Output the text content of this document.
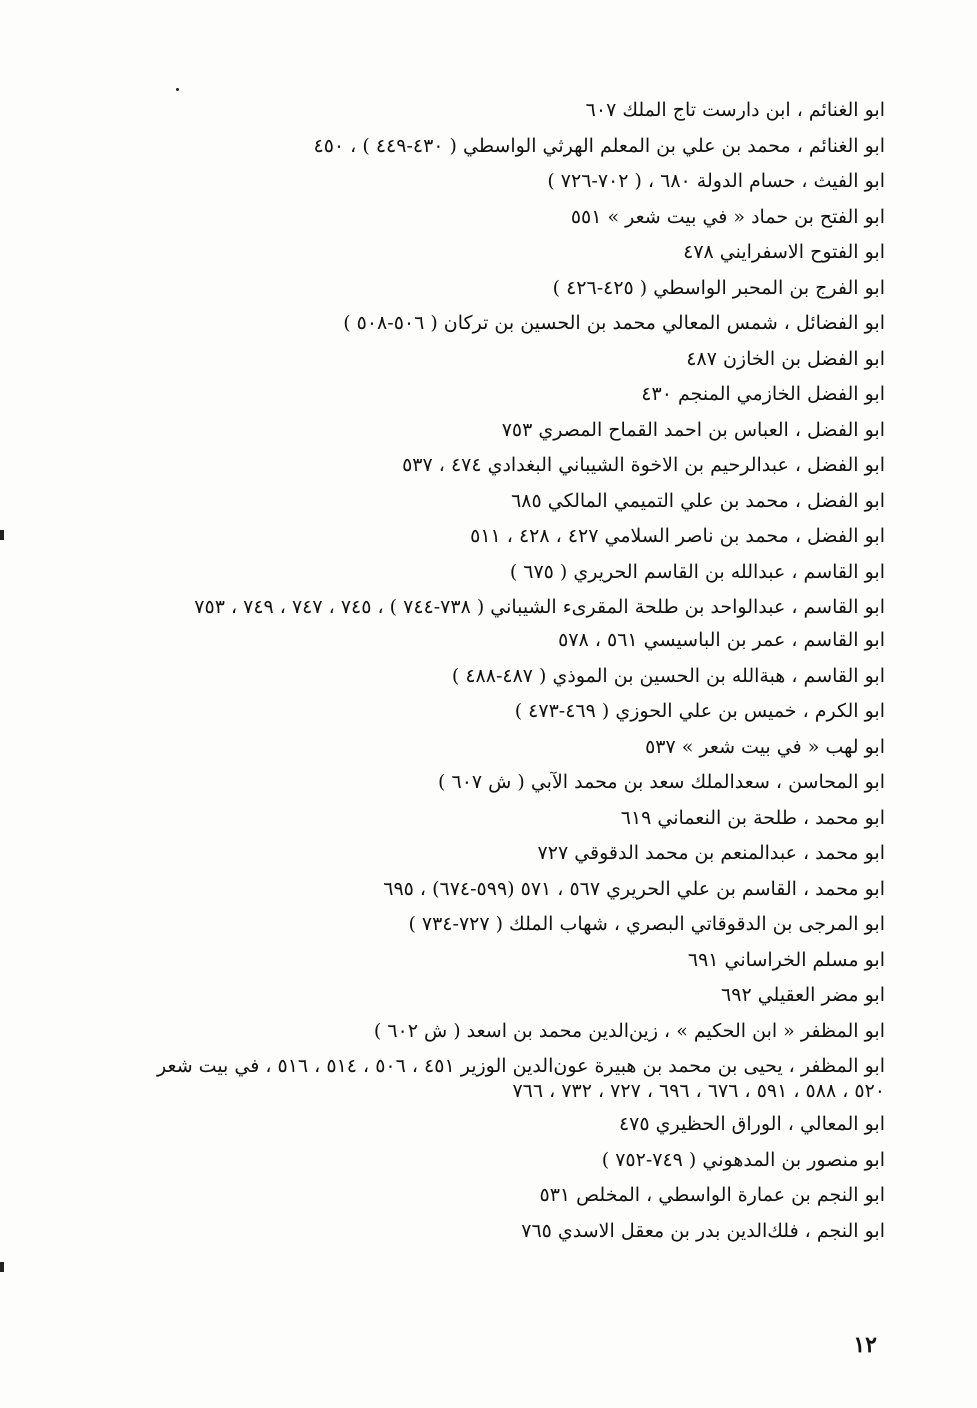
ابو الغنائم ، ابن دارست تاج الملك ٦٠٧
ابو الغنائم ، محمد بن علي بن المعلم الهرثي الواسطي ( ٤٣٠-٤٤٩ ) ، ٤٥٠
ابو الفيث ، حسام الدولة ٦٨٠ ، ( ٧٠٢-٧٢٦ )
ابو الفتح بن حماد « في بيت شعر » ٥٥١
ابو الفتوح الاسفرايني ٤٧٨
ابو الفرج بن المحبر الواسطي ( ٤٢٥-٤٢٦ )
ابو الفضائل ، شمس المعالي محمد بن الحسين بن تركان ( ٥٠٦-٥٠٨ )
ابو الفضل بن الخازن ٤٨٧
ابو الفضل الخازمي المنجم ٤٣٠
ابو الفضل ، العباس بن احمد القماح المصري ٧٥٣
ابو الفضل ، عبدالرحيم بن الاخوة الشيباني البغدادي ٤٧٤ ، ٥٣٧
ابو الفضل ، محمد بن علي التميمي المالكي ٦٨٥
ابو الفضل ، محمد بن ناصر السلامي ٤٢٧ ، ٤٢٨ ، ٥١١
ابو القاسم ، عبدالله بن القاسم الحريري ( ٦٧٥ )
ابو القاسم ، عبدالواحد بن طلحة المقرىء الشيباني ( ٧٣٨-٧٤٤ ) ، ٧٤٥ ، ٧٤٧ ، ٧٤٩ ، ٧٥٣
ابو القاسم ، عمر بن الباسيسي ٥٦١ ، ٥٧٨
ابو القاسم ، هبةالله بن الحسين بن الموذي ( ٤٨٧-٤٨٨ )
ابو الكرم ، خميس بن علي الحوزي ( ٤٦٩-٤٧٣ )
ابو لهب « في بيت شعر » ٥٣٧
ابو المحاسن ، سعدالملك سعد بن محمد الآبي ( ش ٦٠٧ )
ابو محمد ، طلحة بن النعماني ٦١٩
ابو محمد ، عبدالمنعم بن محمد الدقوقي ٧٢٧
ابو محمد ، القاسم بن علي الحريري ٥٦٧ ، ٥٧١ (٥٩٩-٦٧٤) ، ٦٩٥
ابو المرجى بن الدقوقاتي البصري ، شهاب الملك ( ٧٢٧-٧٣٤ )
ابو مسلم الخراساني ٦٩١
ابو مضر العقيلي ٦٩٢
ابو المظفر « ابن الحكيم » ، زين‌الدين محمد بن اسعد ( ش ٦٠٢ )
ابو المظفر ، يحيى بن محمد بن هبيرة عون‌الدين الوزير ٤٥١ ، ٥٠٦ ، ٥١٤ ، ٥١٦ ، في بيت شعر ٥٢٠ ، ٥٨٨ ، ٥٩١ ، ٦٧٦ ، ٦٩٦ ، ٧٢٧ ، ٧٣٢ ، ٧٦٦
ابو المعالي ، الوراق الحظيري ٤٧٥
ابو منصور بن المدهوني ( ٧٤٩-٧٥٢ )
ابو النجم بن عمارة الواسطي ، المخلص ٥٣١
ابو النجم ، فلك‌الدين بدر بن معقل الاسدي ٧٦٥
١٢
